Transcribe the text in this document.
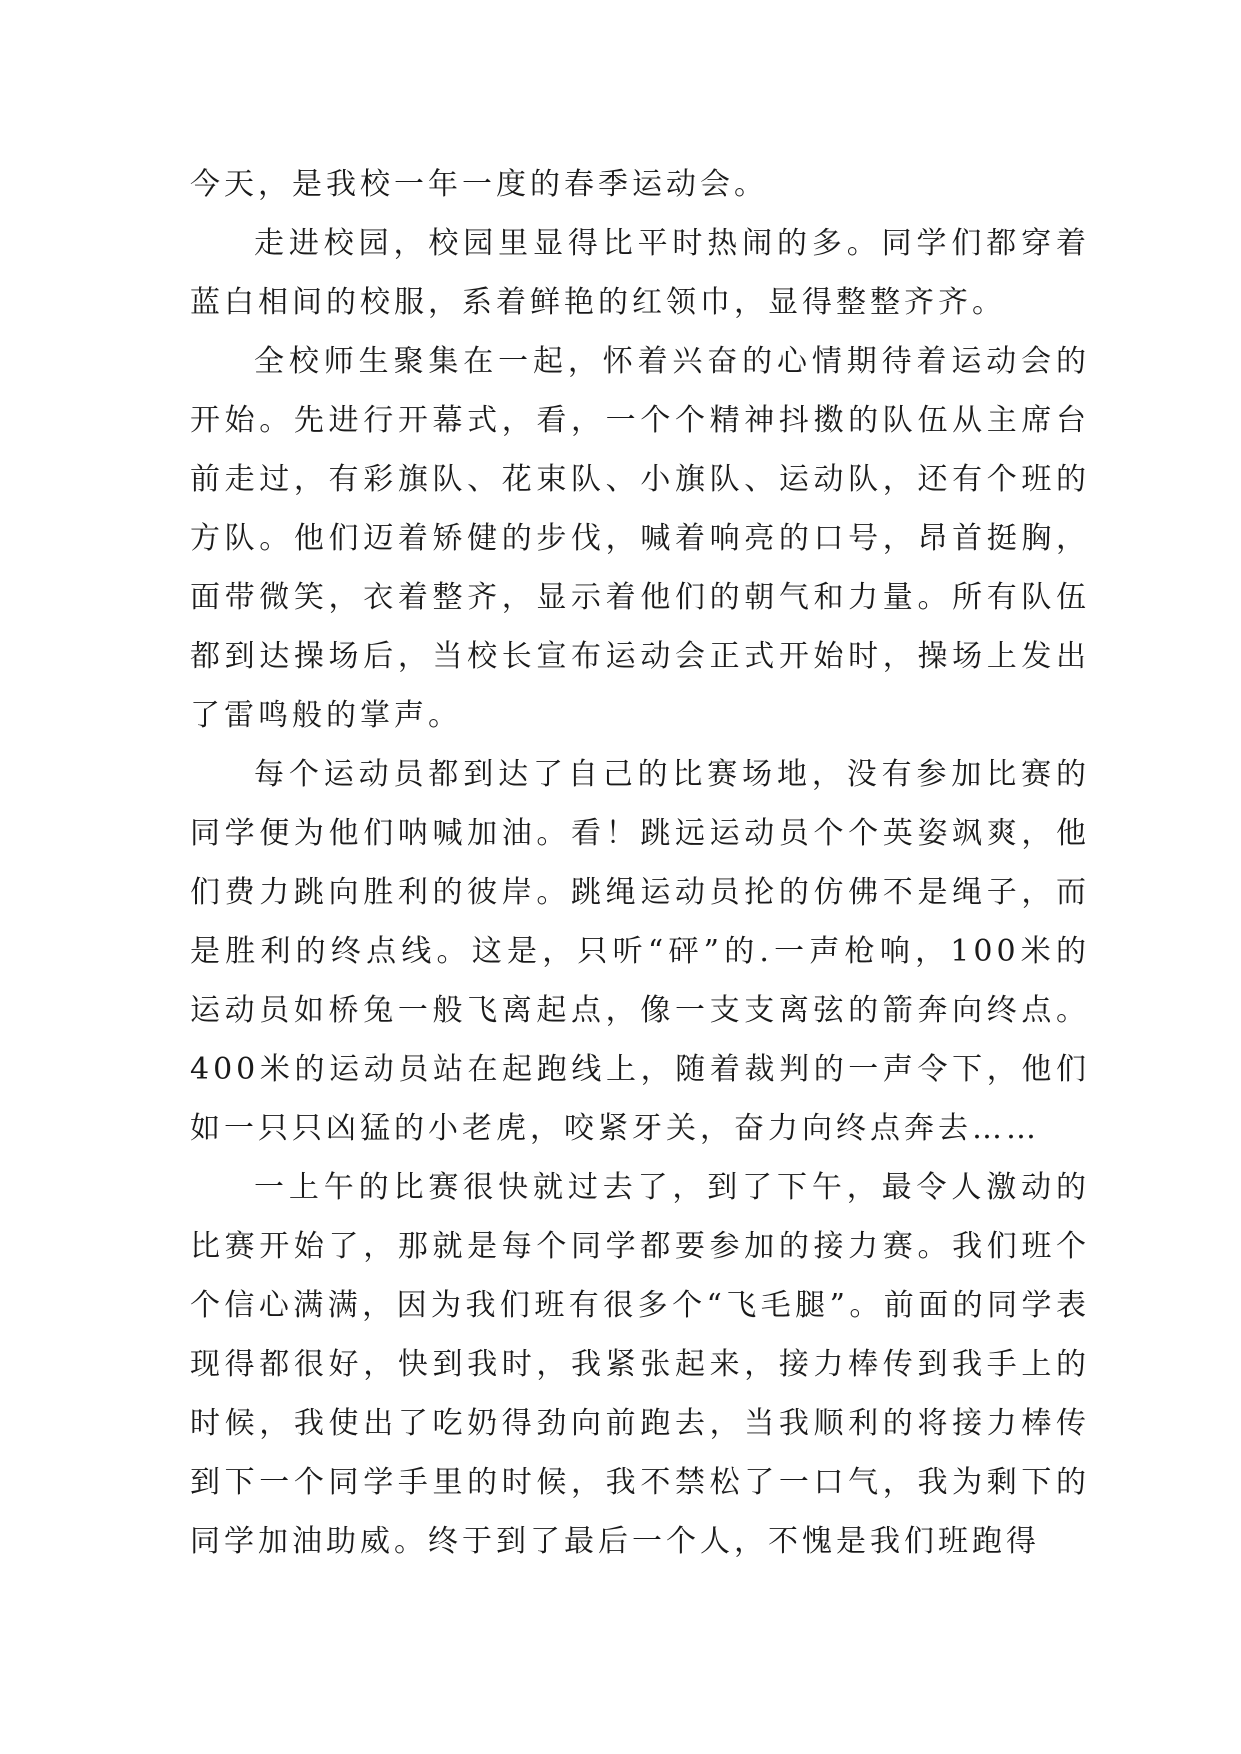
今天，是我校一年一度的春季运动会。

走进校园，校园里显得比平时热闹的多。同学们都穿着蓝白相间的校服，系着鲜艳的红领巾，显得整整齐齐。

全校师生聚集在一起，怀着兴奋的心情期待着运动会的开始。先进行开幕式，看，一个个精神抖擞的队伍从主席台前走过，有彩旗队、花束队、小旗队、运动队，还有个班的方队。他们迈着矫健的步伐，喊着响亮的口号，昂首挺胸，面带微笑，衣着整齐，显示着他们的朝气和力量。所有队伍都到达操场后，当校长宣布运动会正式开始时，操场上发出了雷鸣般的掌声。

每个运动员都到达了自己的比赛场地，没有参加比赛的同学便为他们呐喊加油。看！跳远运动员个个英姿飒爽，他们费力跳向胜利的彼岸。跳绳运动员抡的仿佛不是绳子，而是胜利的终点线。这是，只听“砰”的.一声枪响，100米的运动员如桥兔一般飞离起点，像一支支离弦的箭奔向终点。400米的运动员站在起跑线上，随着裁判的一声令下，他们如一只只凶猛的小老虎，咬紧牙关，奋力向终点奔去……

一上午的比赛很快就过去了，到了下午，最令人激动的比赛开始了，那就是每个同学都要参加的接力赛。我们班个个信心满满，因为我们班有很多个“飞毛腿”。前面的同学表现得都很好，快到我时，我紧张起来，接力棒传到我手上的时候，我使出了吃奶得劲向前跑去，当我顺利的将接力棒传到下一个同学手里的时候，我不禁松了一口气，我为剩下的同学加油助威。终于到了最后一个人，不愧是我们班跑得
